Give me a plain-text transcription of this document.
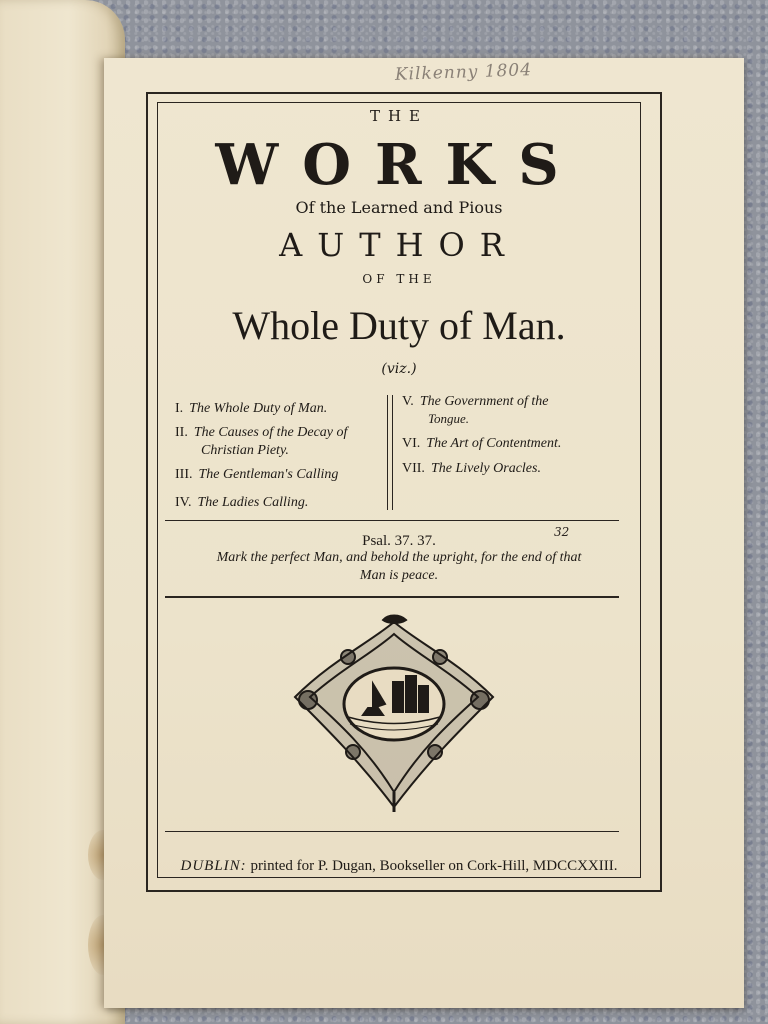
Kilkenny 1804
THE
WORKS
Of the Learned and Pious
AUTHOR
OF THE
Whole Duty of Man.
(viz.)
I. The Whole Duty of Man.
II. The Causes of the Decay of
Christian Piety.
III. The Gentleman's Calling
IV. The Ladies Calling.
V. The Government of the
Tongue.
VI. The Art of Contentment.
VII. The Lively Oracles.
Psal. 37. 37.
32
Mark the perfect Man, and behold the upright, for the end of that
Man is peace.
DUBLIN: printed for P. Dugan, Bookseller on Cork-Hill, MDCCXXIII.
